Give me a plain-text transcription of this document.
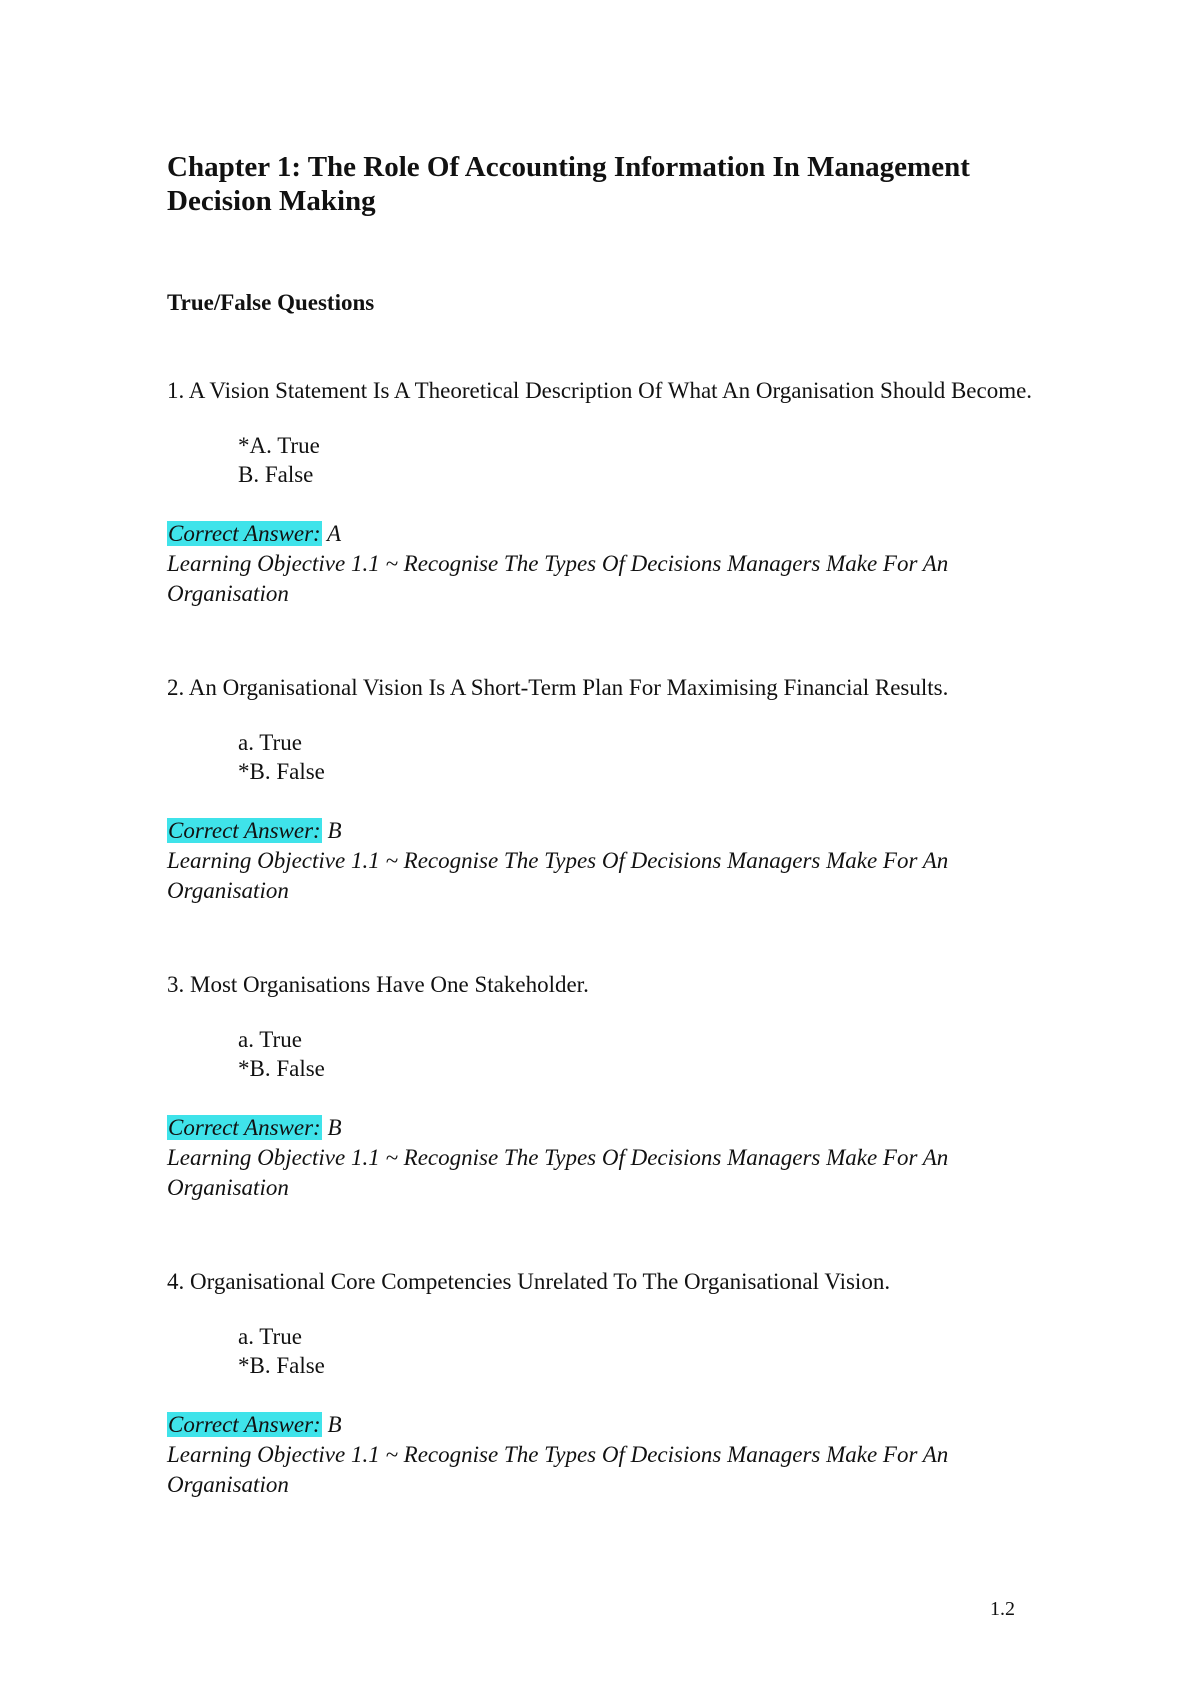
Chapter 1: The Role Of Accounting Information In Management
Decision Making
True/False Questions

1. A Vision Statement Is A Theoretical Description Of What An Organisation Should Become.

*A. True

B. False

Correct Answer: A

Learning Objective 1.1 ~ Recognise The Types Of Decisions Managers Make For An Organisation

2. An Organisational Vision Is A Short-Term Plan For Maximising Financial Results.

a. True

*B. False

Correct Answer: B

Learning Objective 1.1 ~ Recognise The Types Of Decisions Managers Make For An Organisation

3. Most Organisations Have One Stakeholder.

a. True

*B. False

Correct Answer: B

Learning Objective 1.1 ~ Recognise The Types Of Decisions Managers Make For An Organisation

4. Organisational Core Competencies Unrelated To The Organisational Vision.

a. True

*B. False

Correct Answer: B

Learning Objective 1.1 ~ Recognise The Types Of Decisions Managers Make For An Organisation

1.2
